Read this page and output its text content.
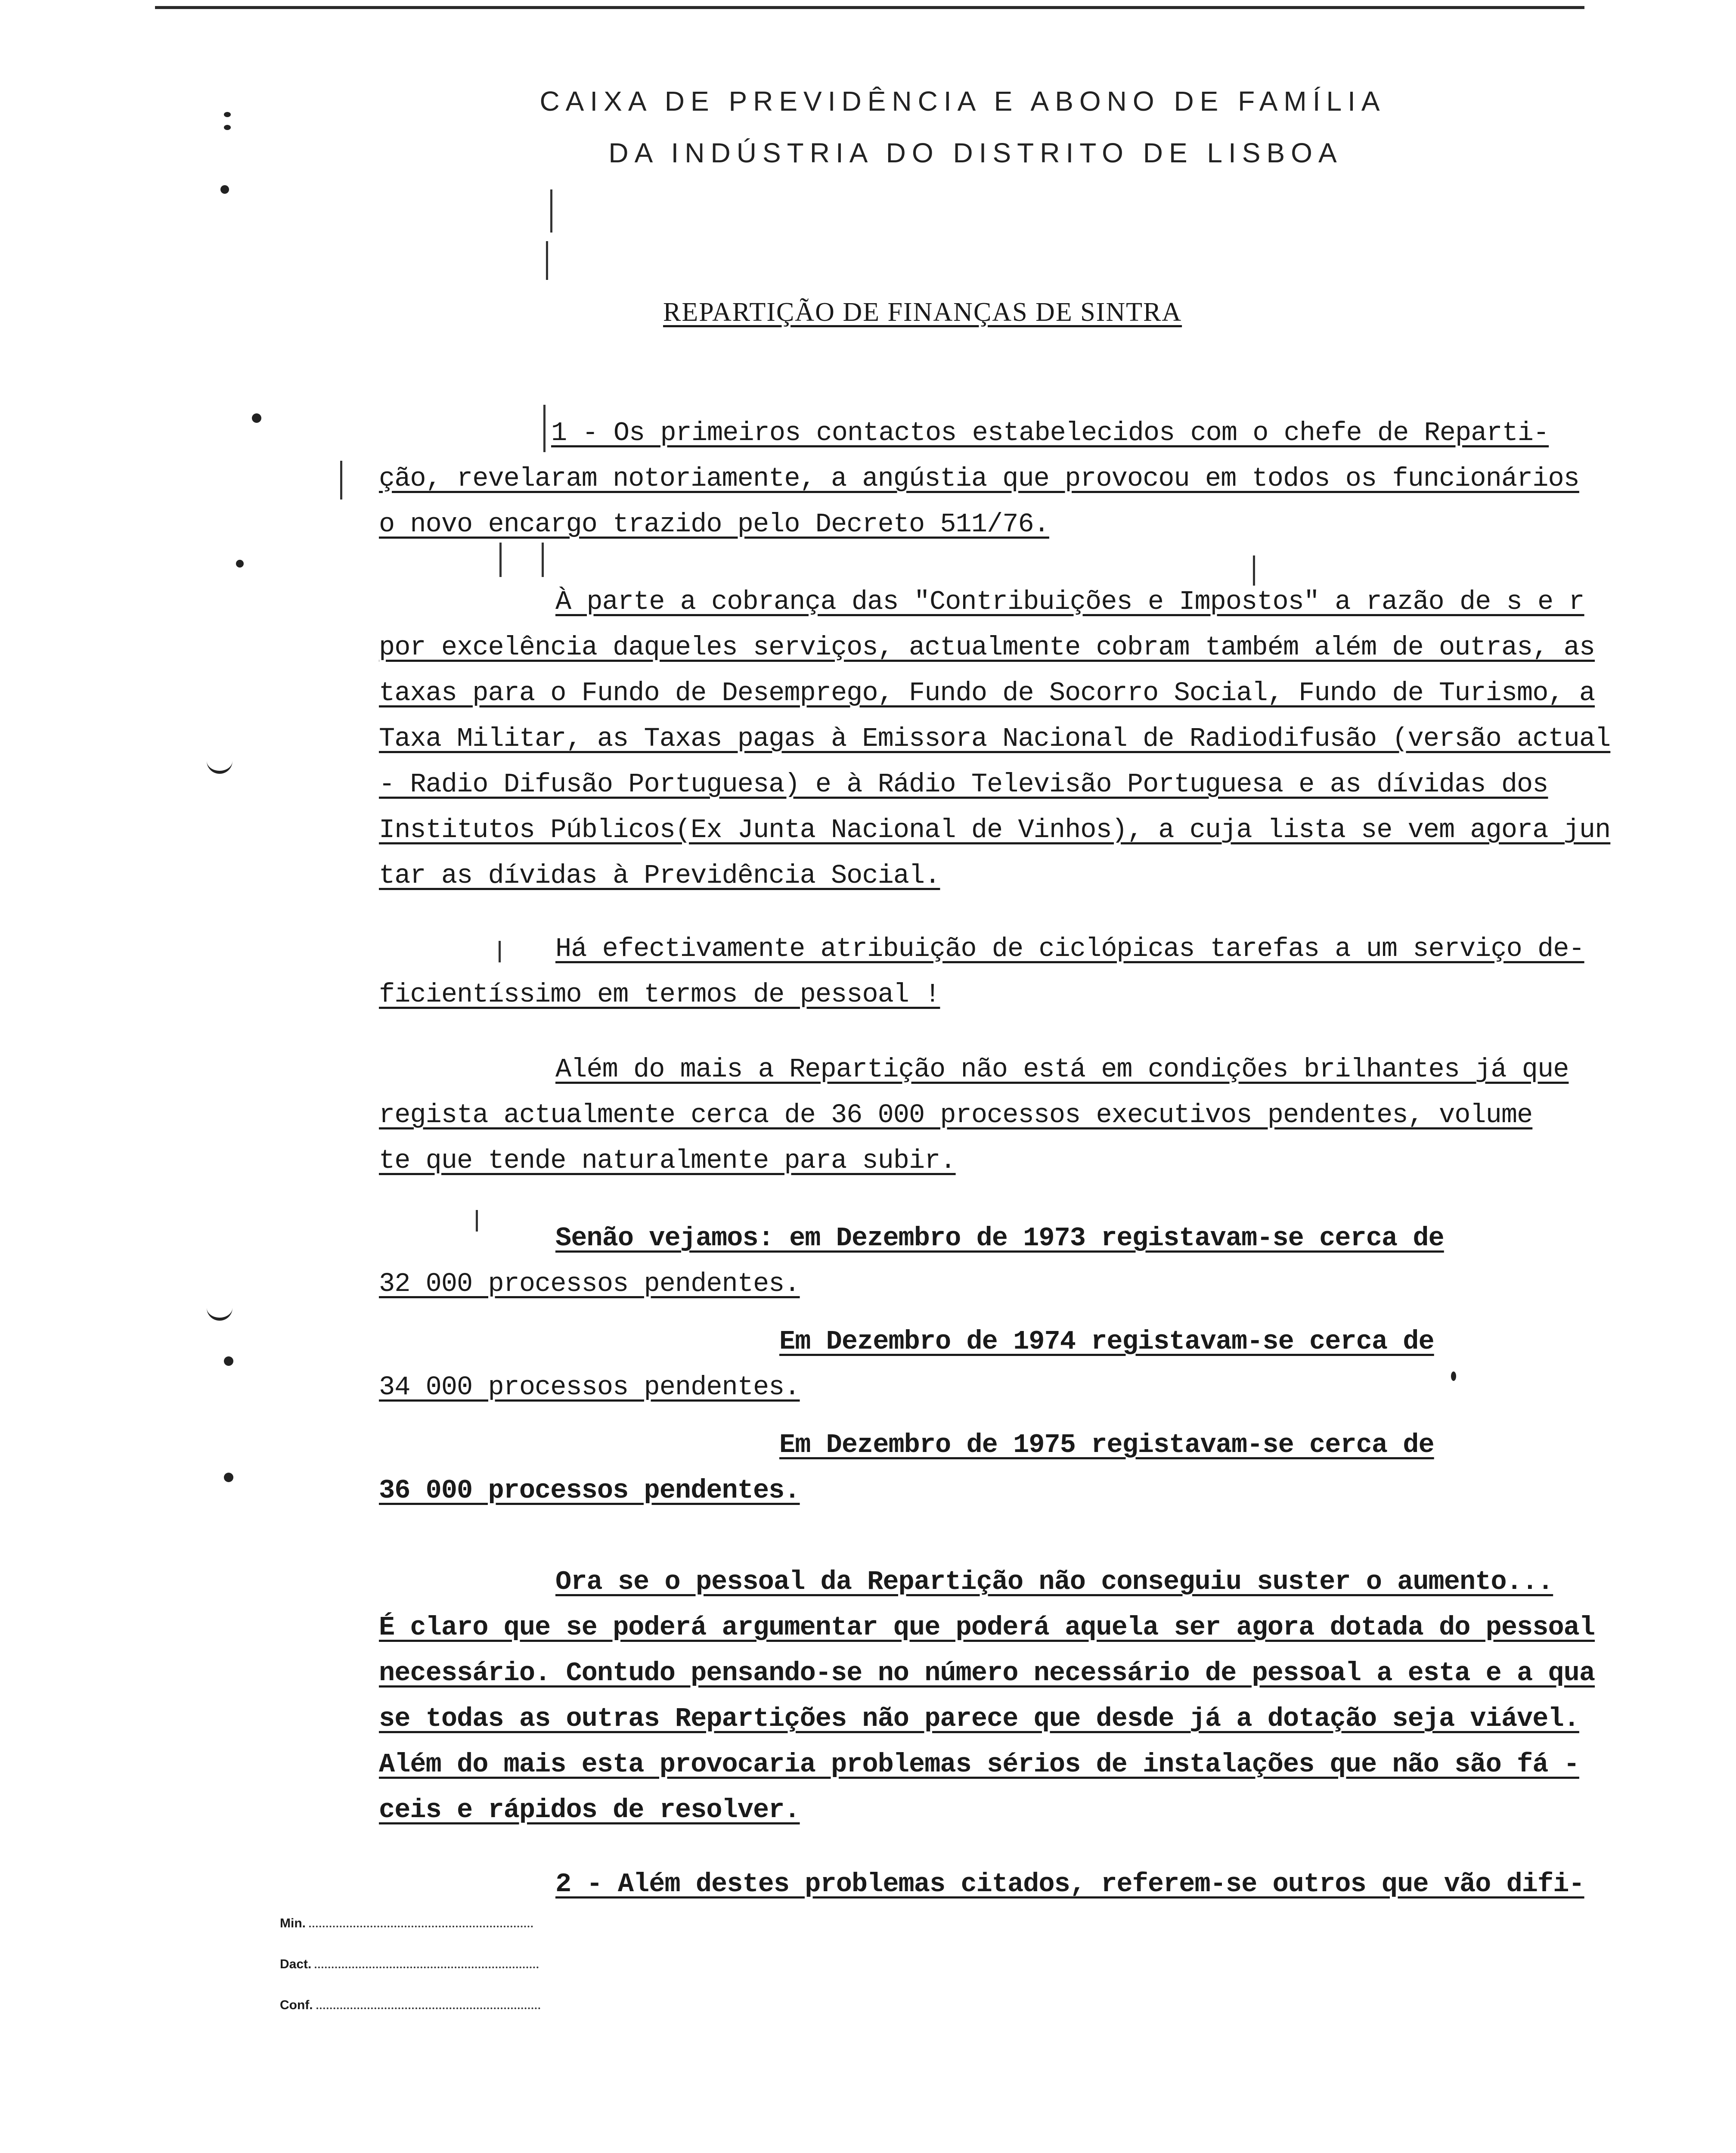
CAIXA DE PREVIDÊNCIA E ABONO DE FAMÍLIA
DA INDÚSTRIA DO DISTRITO DE LISBOA
REPARTIÇÃO DE FINANÇAS DE SINTRA
1 - Os primeiros contactos estabelecidos com o chefe de Reparti-
ção, revelaram notoriamente, a angústia que provocou em todos os funcionários
o novo encargo trazido pelo Decreto 511/76.
À parte a cobrança das "Contribuições e Impostos" a razão de s e r
por excelência daqueles serviços, actualmente cobram também além de outras, as
taxas para o Fundo de Desemprego, Fundo de Socorro Social, Fundo de Turismo, a
Taxa Militar, as Taxas pagas à Emissora Nacional de Radiodifusão (versão actual
- Radio Difusão Portuguesa) e à Rádio Televisão Portuguesa e as dívidas dos
Institutos Públicos(Ex Junta Nacional de Vinhos), a cuja lista se vem agora jun
tar as dívidas à Previdência Social.
Há efectivamente atribuição de ciclópicas tarefas a um serviço de-
ficientíssimo em termos de pessoal !
Além do mais a Repartição não está em condições brilhantes já que
regista actualmente cerca de 36 000 processos executivos pendentes, volume
te que tende naturalmente para subir.
Senão vejamos: em Dezembro de 1973 registavam-se cerca de
32 000 processos pendentes.
Em Dezembro de 1974 registavam-se cerca de
34 000 processos pendentes.
Em Dezembro de 1975 registavam-se cerca de
36 000 processos pendentes.
Ora se o pessoal da Repartição não conseguiu suster o aumento...
É claro que se poderá argumentar que poderá aquela ser agora dotada do pessoal
necessário. Contudo pensando-se no número necessário de pessoal a esta e a qua
se todas as outras Repartições não parece que desde já a dotação seja viável.
Além do mais esta provocaria problemas sérios de instalações que não são fá -
ceis e rápidos de resolver.
2 - Além destes problemas citados, referem-se outros que vão difi-
Min.
Dact.
Conf.
